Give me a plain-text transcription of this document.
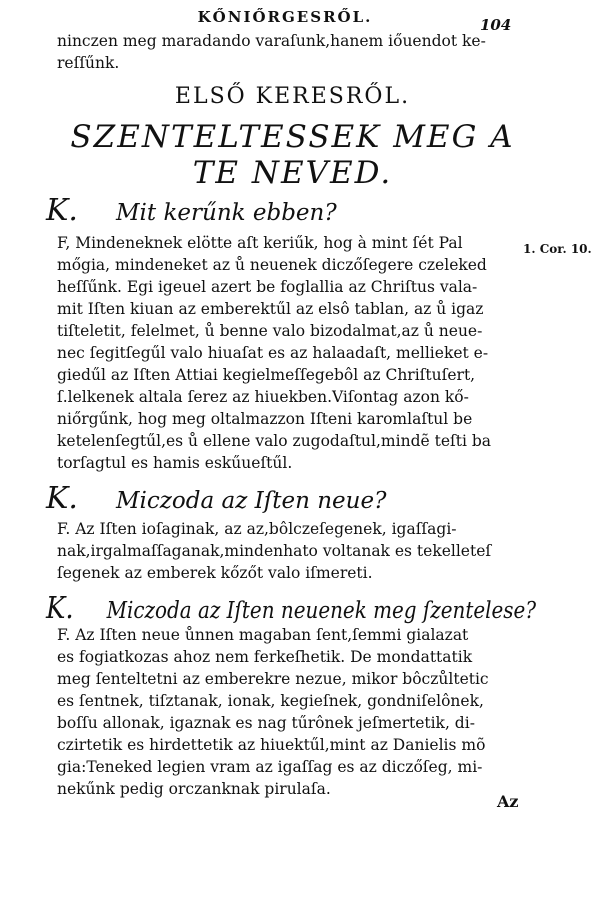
KŐNIŐRGESRŐL.	104
ninczen meg maradando varaſunk,hanem iőuendot ke-
reſſűnk.
ELSŐ KERESRŐL.
SZENTELTESSEK MEG A
TE NEVED.
K. Mit kerűnk ebben?
F, Mindeneknek elötte aſt keriűk, hog à mint ſét Pal
mőgia, mindeneket az ů neuenek diczőſegere czeleked
heſſűnk. Egi igeuel azert be foglallia az Chriſtus vala-
mit Iſten kiuan az emberektűl az elsô tablan, az ů igaz
tiſteletit, felelmet, ů benne valo bizodalmat,az ů neue-
nec ſegitſegűl valo hiuaſat es az halaadaſt, mellieket e-
giedűl az Iſten Attiai kegielmeſſegebôl az Chriſtuſert,
ſ.lelkenek altala ſerez az hiuekben.Viſontag azon kő-
niőrgűnk, hog meg oltalmazzon Iſteni karomlaſtul be
ketelenſegtűl,es ů ellene valo zugodaſtul,mindẽ teſti ba
torſagtul es hamis eskűueſtűl.
1. Cor. 10.
K. Miczoda az Iſten neue?
F. Az Iſten ioſaginak, az az,bôlczeſegenek, igaſſagi-
nak,irgalmaſſaganak,mindenhato voltanak es tekelleteſ
ſegenek az emberek kőzőt valo iſmereti.
K. Miczoda az Iſten neuenek meg ſzentelese?
F. Az Iſten neue ůnnen magaban ſent,ſemmi gialazat
es fogiatkozas ahoz nem ferkeſhetik. De mondattatik
meg ſenteltetni az emberekre nezue, mikor bôczůltetic
es ſentnek, tiſztanak, ionak, kegieſnek, gondniſelônek,
boſſu allonak, igaznak es nag tűrônek jeſmertetik, di-
czirtetik es hirdettetik az hiuektűl,mint az Danielis mõ
gia:Teneked legien vram az igaſſag es az diczőſeg, mi-
nekűnk pedig orczanknak pirulaſa.
Az
